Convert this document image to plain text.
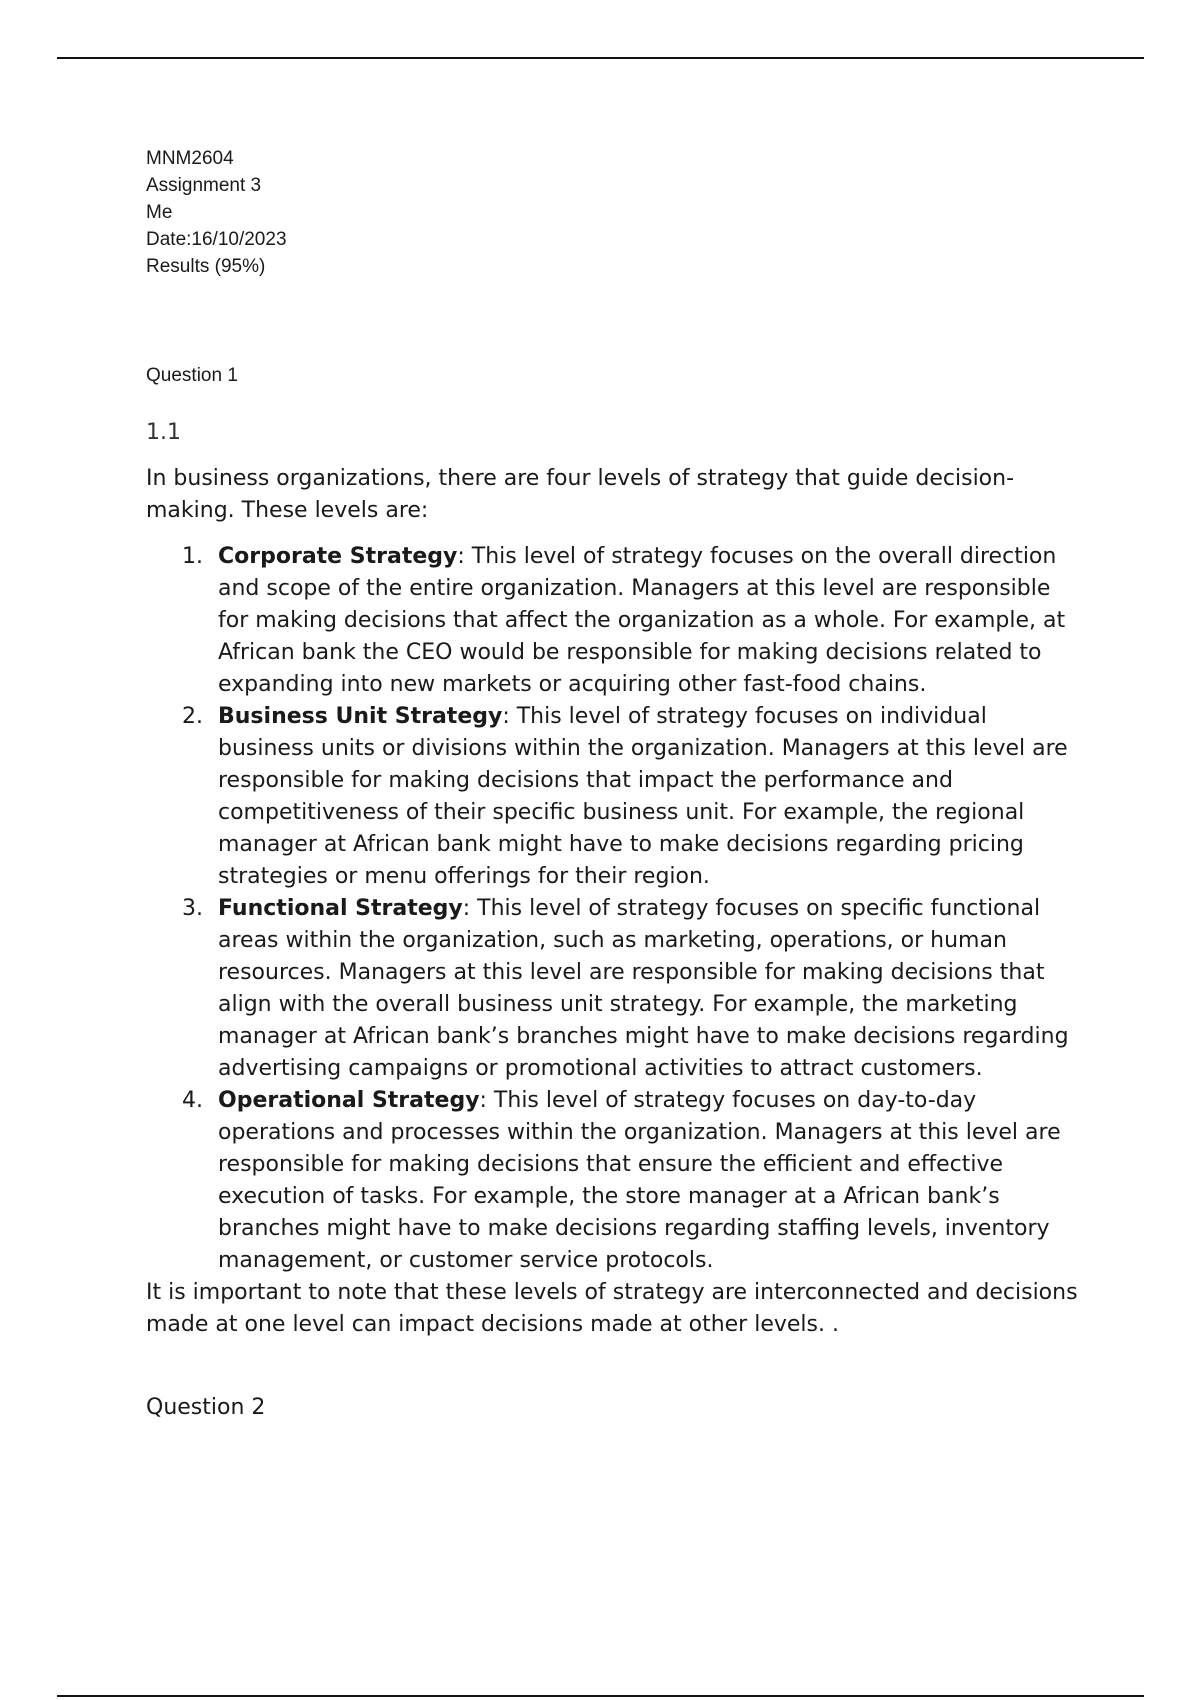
MNM2604
Assignment 3
Me
Date:16/10/2023
Results (95%)
Question 1
1.1

In business organizations, there are four levels of strategy that guide decision-making. These levels are:

1. Corporate Strategy: This level of strategy focuses on the overall direction and scope of the entire organization. Managers at this level are responsible for making decisions that affect the organization as a whole. For example, at African bank the CEO would be responsible for making decisions related to expanding into new markets or acquiring other fast-food chains.
2. Business Unit Strategy: This level of strategy focuses on individual business units or divisions within the organization. Managers at this level are responsible for making decisions that impact the performance and competitiveness of their specific business unit. For example, the regional manager at African bank might have to make decisions regarding pricing strategies or menu offerings for their region.
3. Functional Strategy: This level of strategy focuses on specific functional areas within the organization, such as marketing, operations, or human resources. Managers at this level are responsible for making decisions that align with the overall business unit strategy. For example, the marketing manager at African bank’s branches might have to make decisions regarding advertising campaigns or promotional activities to attract customers.
4. Operational Strategy: This level of strategy focuses on day-to-day operations and processes within the organization. Managers at this level are responsible for making decisions that ensure the efficient and effective execution of tasks. For example, the store manager at a African bank’s branches might have to make decisions regarding staffing levels, inventory management, or customer service protocols.

It is important to note that these levels of strategy are interconnected and decisions made at one level can impact decisions made at other levels. .

Question 2
